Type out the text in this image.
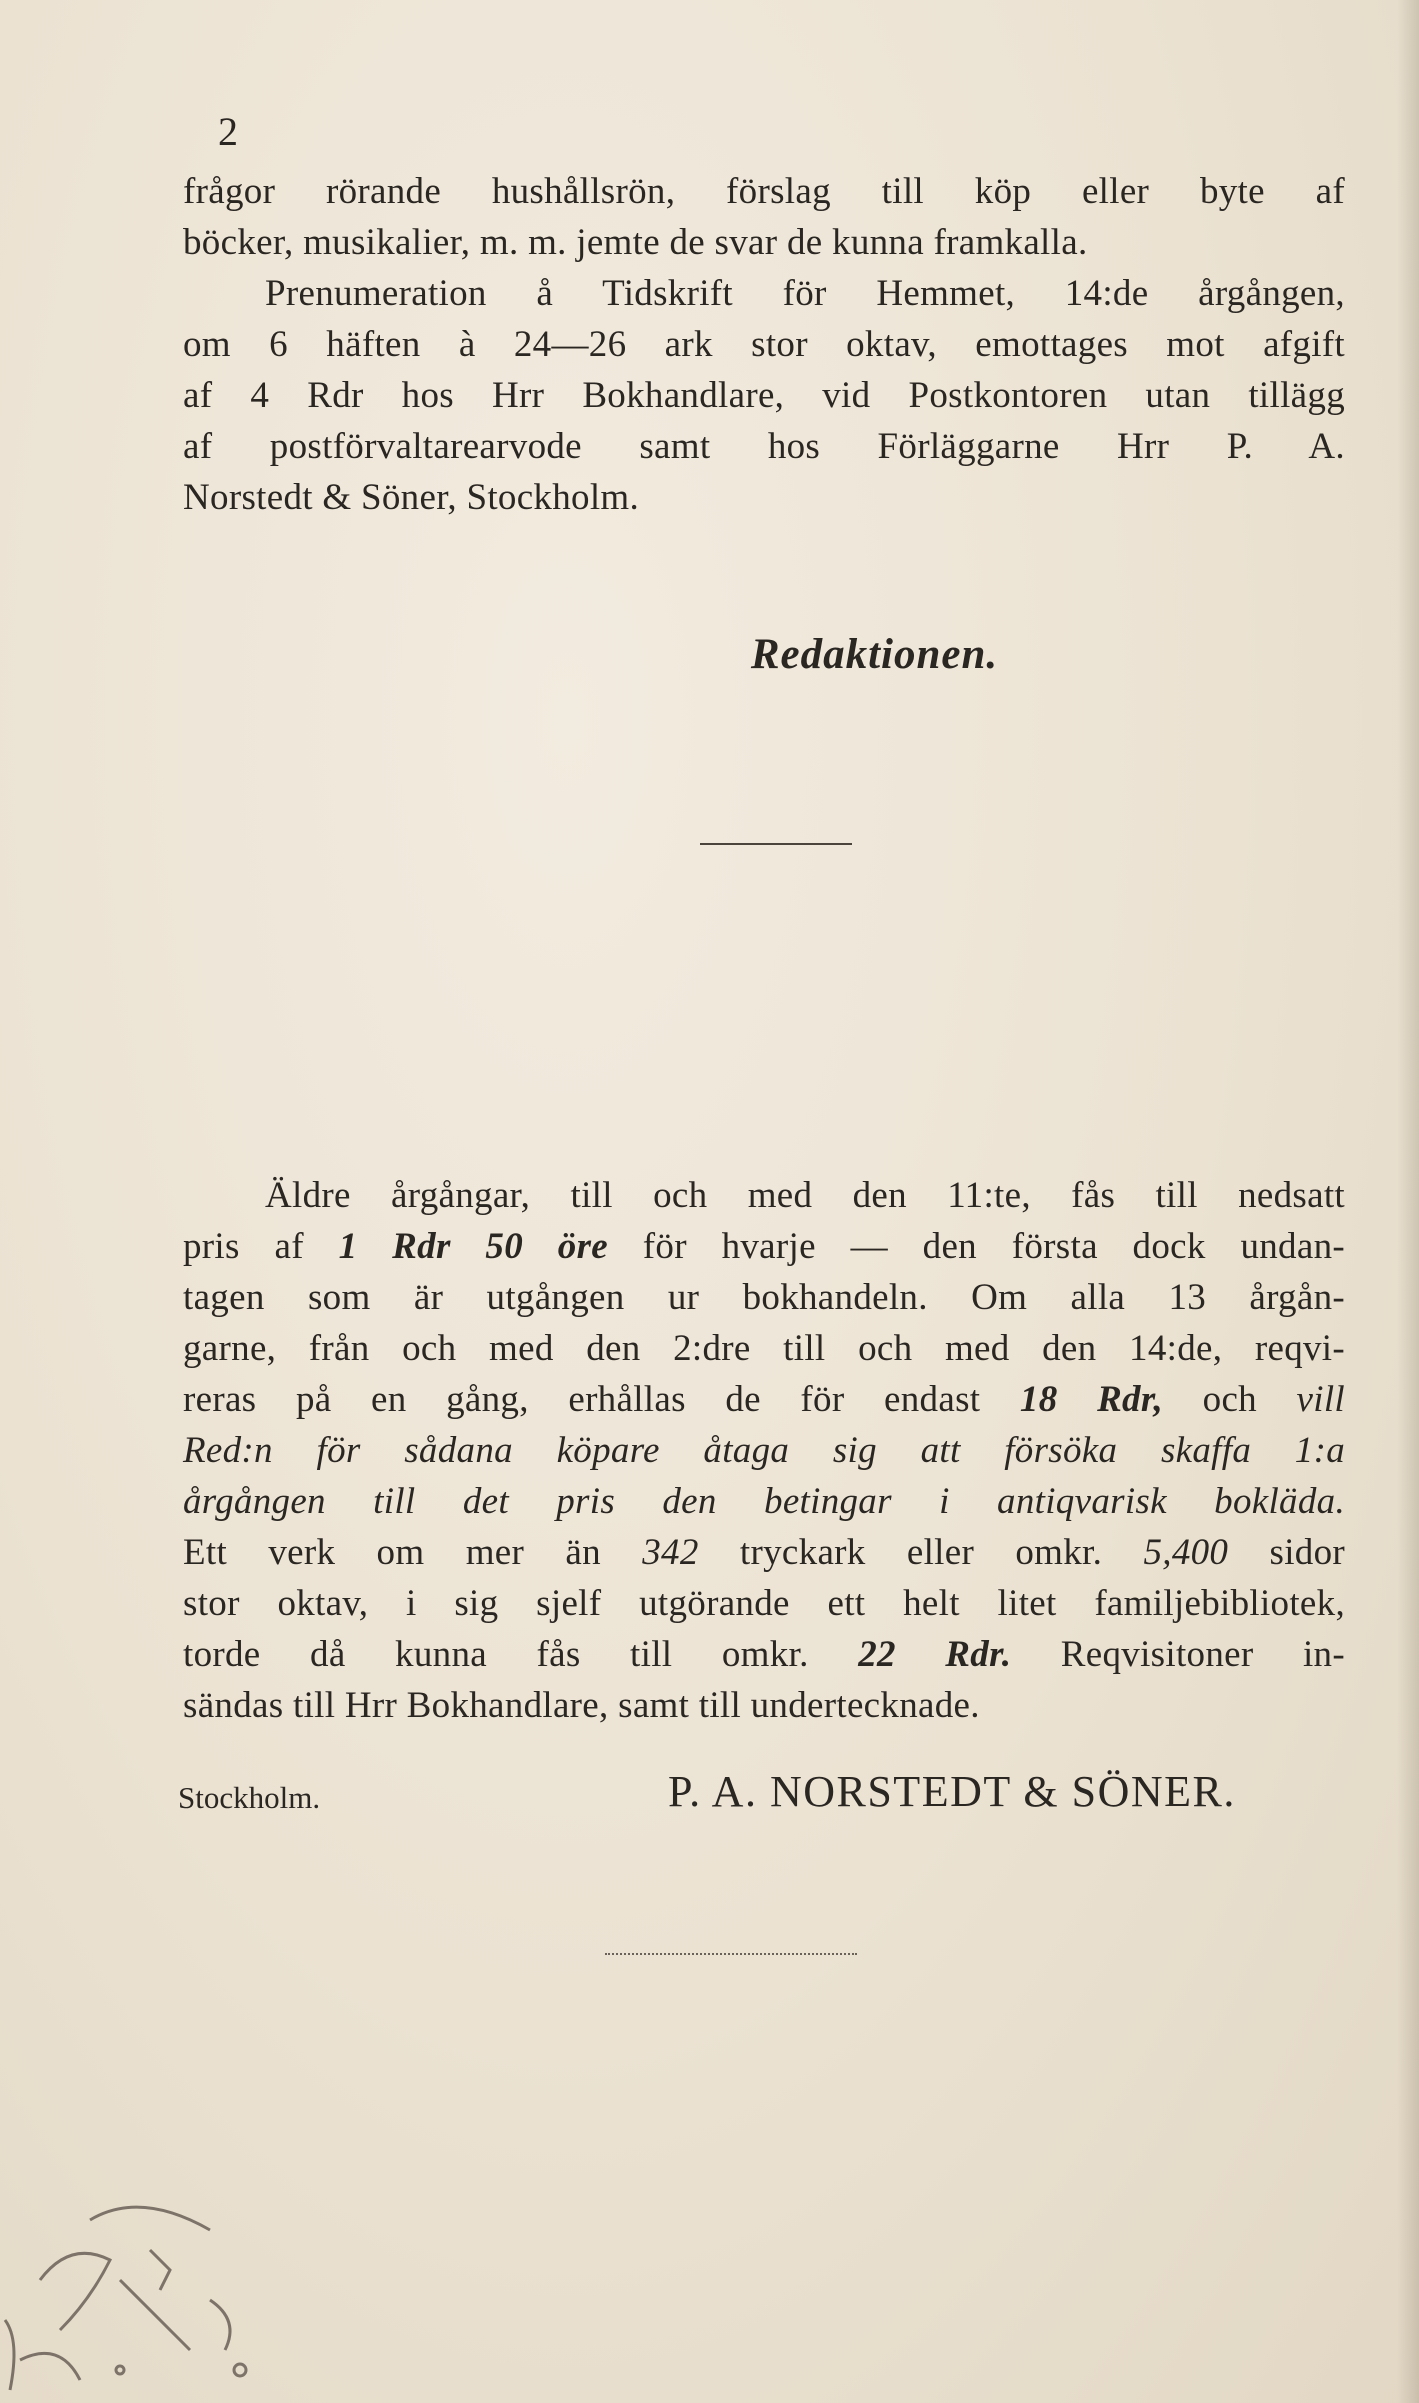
2
frågor rörande hushållsrön, förslag till köp eller byte af
böcker, musikalier, m. m. jemte de svar de kunna framkalla.
Prenumeration å Tidskrift för Hemmet, 14:de årgången,
om 6 häften à 24—26 ark stor oktav, emottages mot afgift
af 4 Rdr hos Hrr Bokhandlare, vid Postkontoren utan tillägg
af postförvaltarearvode samt hos Förläggarne Hrr P. A.
Norstedt & Söner, Stockholm.
Redaktionen.
Äldre årgångar, till och med den 11:te, fås till nedsatt
pris af 1 Rdr 50 öre för hvarje — den första dock undan-
tagen som är utgången ur bokhandeln. Om alla 13 årgån-
garne, från och med den 2:dre till och med den 14:de, reqvi-
reras på en gång, erhållas de för endast 18 Rdr, och vill
Red:n för sådana köpare åtaga sig att försöka skaffa 1:a
årgången till det pris den betingar i antiqvarisk bokläda.
Ett verk om mer än 342 tryckark eller omkr. 5,400 sidor
stor oktav, i sig sjelf utgörande ett helt litet familjebibliotek,
torde då kunna fås till omkr. 22 Rdr. Reqvisitoner in-
sändas till Hrr Bokhandlare, samt till undertecknade.
Stockholm.	P. A. NORSTEDT & SÖNER.
